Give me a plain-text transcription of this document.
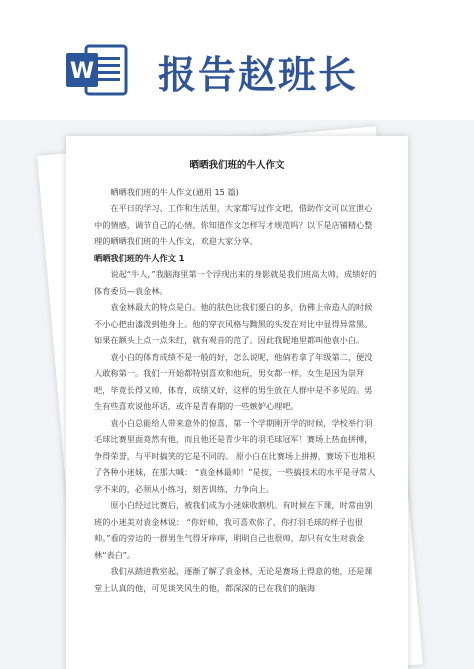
W 报告赵班长
晒晒我们班的牛人作文

晒晒我们班的牛人作文(通用 15 篇)

在平日的学习、工作和生活里，大家都写过作文吧，借助作文可以宣泄心中的情感，调节自己的心情。你知道作文怎样写才规范吗？以下是店铺精心整理的晒晒我们班的牛人作文，欢迎大家分享。

晒晒我们班的牛人作文 1

说起“牛人，”我脑海里第一个浮现出来的身影就是我们班高大帅，成绩好的体育委员—袁金林。

袁金林最大的特点是白。他的肤色比我们要白的多，仿佛上帝造人的时候不小心把由漆泼到他身上。他的穿衣风格与黝黑的头发在对比中显得异常黑。如果在额头上点一点朱红，就有观音的范了。因此我昵地里都叫他袁小白。

袁小白的体育成绩不是一般的好，怎么说呢，他倘若拿了年级第二，便没人敢称第一。我们一开始都特别喜欢和他玩，男女都一样。女生是因为崇拜吧，毕竟长得又帅，体育，成绩又好，这样的男生放在人群中是不多见的。男生有些喜欢说他坏话，或许是青春期的一些嫉妒心理吧。

袁小白总能给人带来意外的惊喜，第一个学期刚开学的时候，学校举行羽毛球比赛里面竟然有他，而且他还是青少年的羽毛球冠军！赛场上热血拼搏，争得荣誉，与平时搞笑的它是不同的。 原小白在比赛场上拼搏，赛场下也堆积了各种小迷妹，在那大喊： “袁金林最帅！”是按，一些搞技术的水平是寻常人学不来的，必须从小练习，刻苦训练，力争向上。

原小白经过比赛后，被我们成为小迷妹收割机。有时候在下课，时常由别班的小迷美对袁金林说： “你好帅，我可喜欢你了，你打羽毛球的样子也很帅。”看的旁边的一群男生气得牙痒痒，明明自己也很帅，却只有女生对袁金林“表白”。

我们从踏进教室起，逐渐了解了袁金林，无论是赛场上得意的他，还是课堂上认真的他，可见谈笑风生的他，都深深的已在我们的脑海
